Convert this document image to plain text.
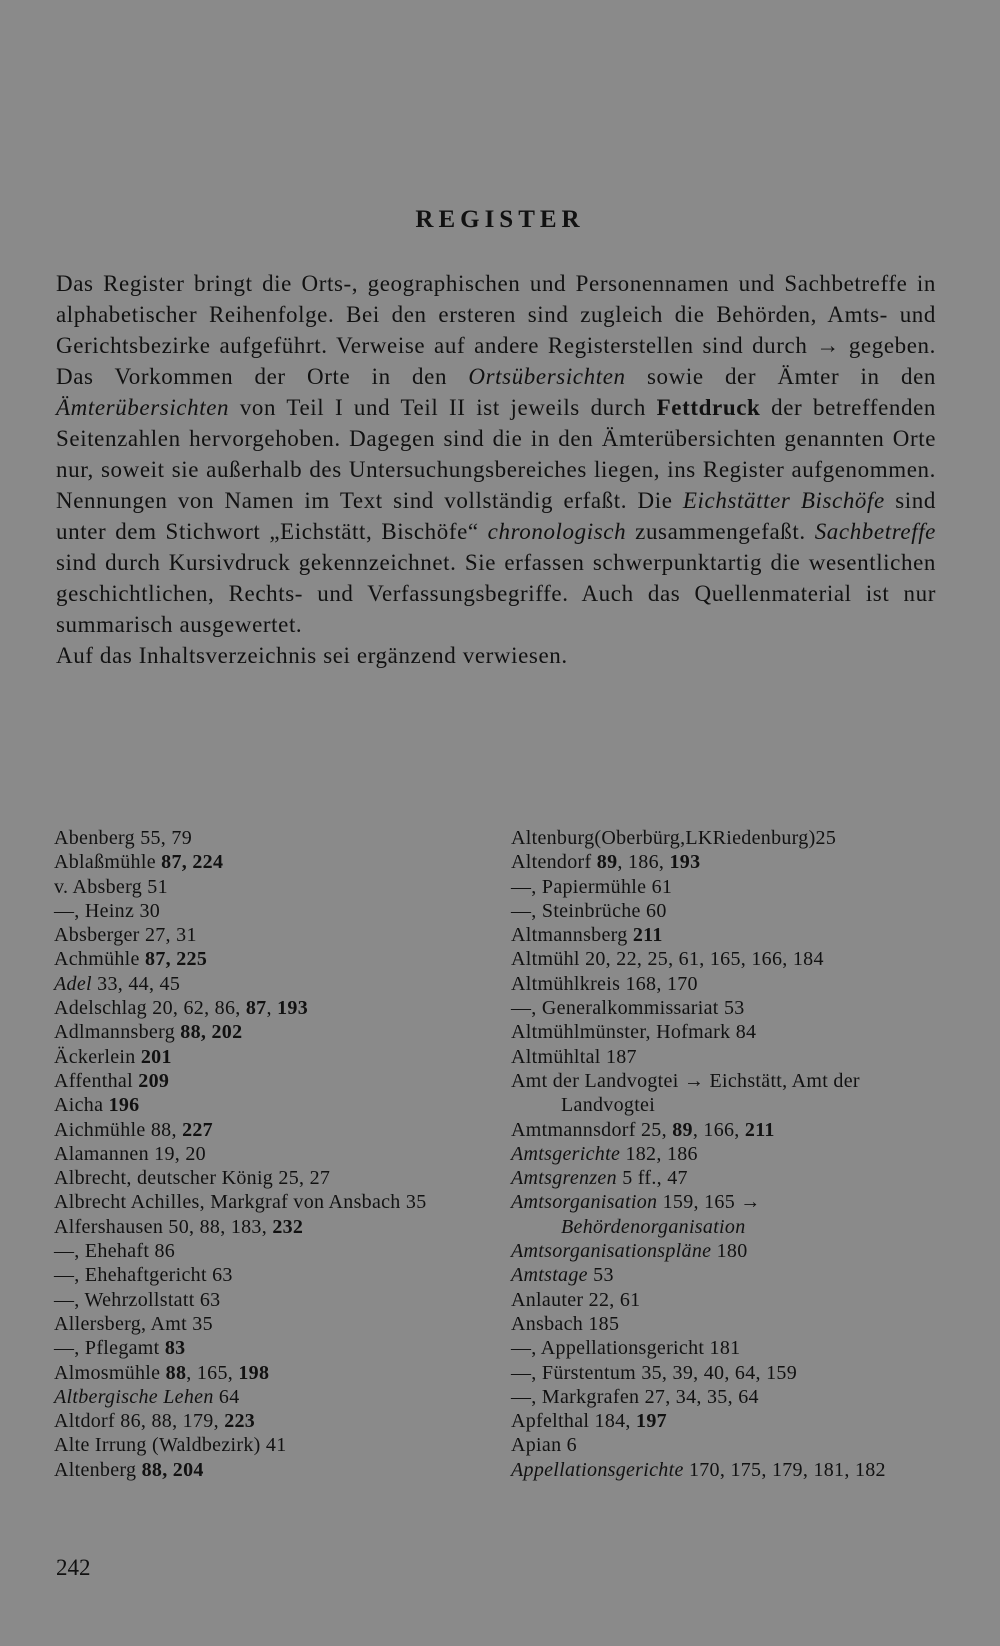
REGISTER

Das Register bringt die Orts-, geographischen und Personennamen und Sachbetreffe in alphabetischer Reihenfolge. Bei den ersteren sind zugleich die Behörden, Amts- und Gerichtsbezirke aufgeführt. Verweise auf andere Registerstellen sind durch → gegeben. Das Vorkommen der Orte in den Ortsübersichten sowie der Ämter in den Ämterübersichten von Teil I und Teil II ist jeweils durch Fettdruck der betreffenden Seitenzahlen hervorgehoben. Dagegen sind die in den Ämterübersichten genannten Orte nur, soweit sie außerhalb des Untersuchungsbereiches liegen, ins Register aufgenommen. Nennungen von Namen im Text sind vollständig erfaßt. Die Eichstätter Bischöfe sind unter dem Stichwort „Eichstätt, Bischöfe“ chronologisch zusammengefaßt. Sachbetreffe sind durch Kursivdruck gekennzeichnet. Sie erfassen schwerpunktartig die wesentlichen geschichtlichen, Rechts- und Verfassungsbegriffe. Auch das Quellenmaterial ist nur summarisch ausgewertet.

Auf das Inhaltsverzeichnis sei ergänzend verwiesen.

Abenberg 55, 79
Ablaßmühle 87, 224
v. Absberg 51
—, Heinz 30
Absberger 27, 31
Achmühle 87, 225
Adel 33, 44, 45
Adelschlag 20, 62, 86, 87, 193
Adlmannsberg 88, 202
Äckerlein 201
Affenthal 209
Aicha 196
Aichmühle 88, 227
Alamannen 19, 20
Albrecht, deutscher König 25, 27
Albrecht Achilles, Markgraf von Ansbach 35
Alfershausen 50, 88, 183, 232
—, Ehehaft 86
—, Ehehaftgericht 63
—, Wehrzollstatt 63
Allersberg, Amt 35
—, Pflegamt 83
Almosmühle 88, 165, 198
Altbergische Lehen 64
Altdorf 86, 88, 179, 223
Alte Irrung (Waldbezirk) 41
Altenberg 88, 204
Altenburg(Oberbürg,LKRiedenburg)25
Altendorf 89, 186, 193
—, Papiermühle 61
—, Steinbrüche 60
Altmannsberg 211
Altmühl 20, 22, 25, 61, 165, 166, 184
Altmühlkreis 168, 170
—, Generalkommissariat 53
Altmühlmünster, Hofmark 84
Altmühltal 187
Amt der Landvogtei → Eichstätt, Amt der Landvogtei
Amtmannsdorf 25, 89, 166, 211
Amtsgerichte 182, 186
Amtsgrenzen 5 ff., 47
Amtsorganisation 159, 165 → Behördenorganisation
Amtsorganisationspläne 180
Amtstage 53
Anlauter 22, 61
Ansbach 185
—, Appellationsgericht 181
—, Fürstentum 35, 39, 40, 64, 159
—, Markgrafen 27, 34, 35, 64
Apfelthal 184, 197
Apian 6
Appellationsgerichte 170, 175, 179, 181, 182
242
